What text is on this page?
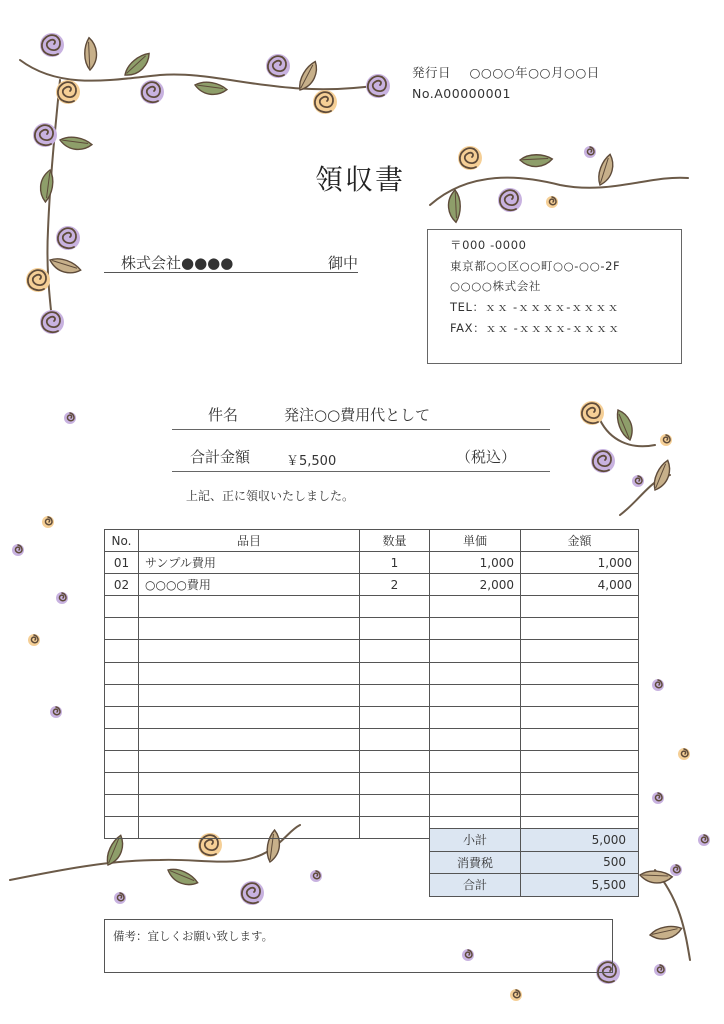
発行日 ○○○○年○○月○○日
No.A00000001
領収書
株式会社●●●●	御中
〒000 -0000
東京都○○区○○町○○-○○-2F
○○○○株式会社
TEL：ｘｘ -ｘｘｘｘ-ｘｘｘｘ
FAX：ｘｘ -ｘｘｘｘ-ｘｘｘｘ
件名	発注○○費用代として
合計金額	￥5,500	（税込）
上記、正に領収いたしました。
No.	品目	数量	単価	金額
01	サンプル費用	1	1,000	1,000
02	○○○○費用	2	2,000	4,000

小計	5,000
消費税	500
合計	5,500
備考：宜しくお願い致します。
